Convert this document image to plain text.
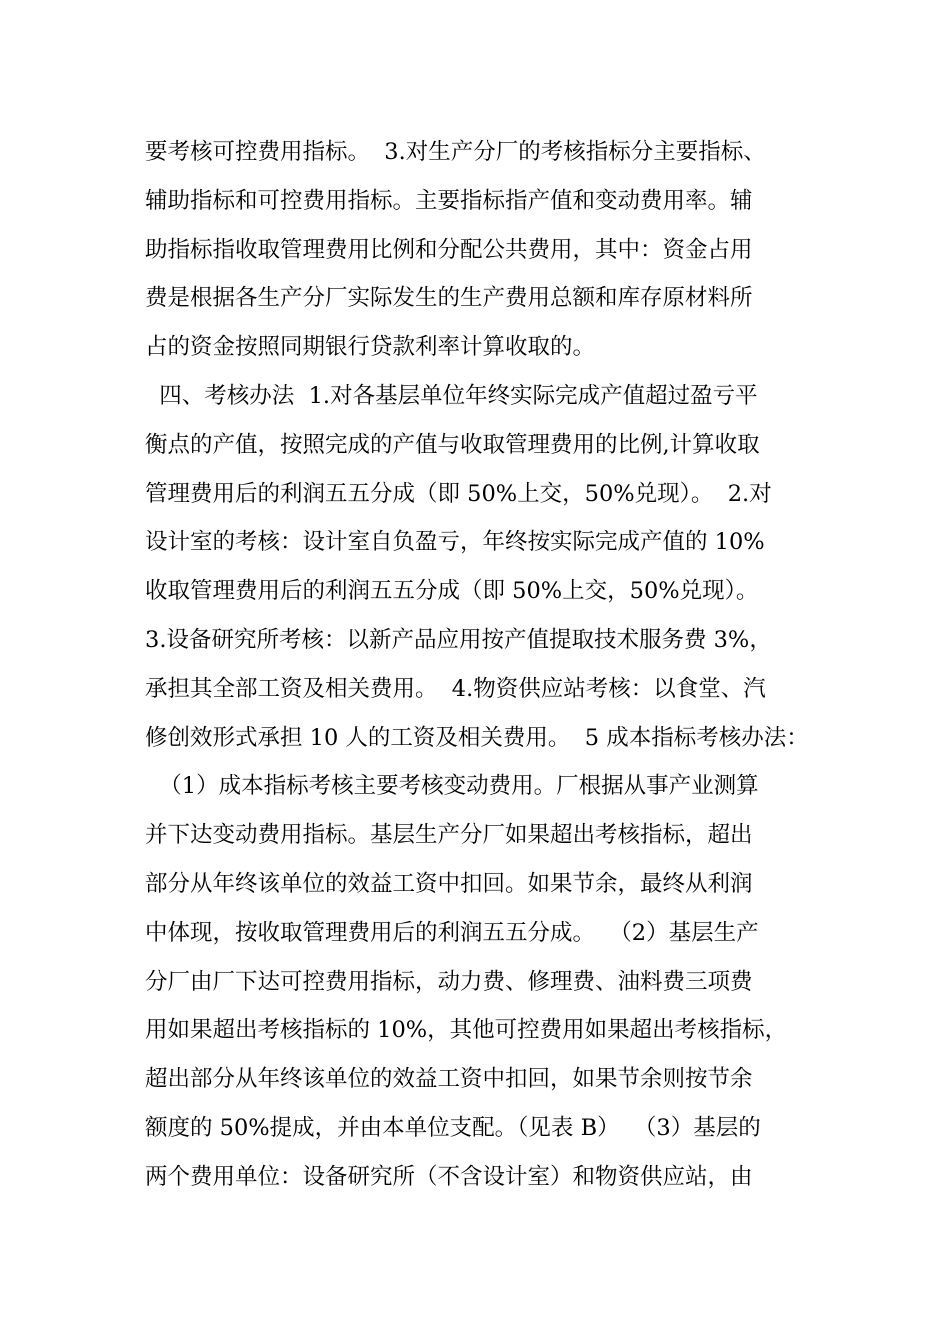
要考核可控费用指标。  3.对生产分厂的考核指标分主要指标、
辅助指标和可控费用指标。主要指标指产值和变动费用率。辅
助指标指收取管理费用比例和分配公共费用，其中：资金占用
费是根据各生产分厂实际发生的生产费用总额和库存原材料所
占的资金按照同期银行贷款利率计算收取的。
四、考核办法  1.对各基层单位年终实际完成产值超过盈亏平
衡点的产值，按照完成的产值与收取管理费用的比例,计算收取
管理费用后的利润五五分成（即 50%上交，50%兑现）。  2.对
设计室的考核：设计室自负盈亏，年终按实际完成产值的 10%
收取管理费用后的利润五五分成（即 50%上交，50%兑现）。
3.设备研究所考核：以新产品应用按产值提取技术服务费 3%，
承担其全部工资及相关费用。  4.物资供应站考核：以食堂、汽
修创效形式承担 10 人的工资及相关费用。  5 成本指标考核办法：
（1）成本指标考核主要考核变动费用。厂根据从事产业测算
并下达变动费用指标。基层生产分厂如果超出考核指标，超出
部分从年终该单位的效益工资中扣回。如果节余，最终从利润
中体现，按收取管理费用后的利润五五分成。  （2）基层生产
分厂由厂下达可控费用指标，动力费、修理费、油料费三项费
用如果超出考核指标的 10%，其他可控费用如果超出考核指标，
超出部分从年终该单位的效益工资中扣回，如果节余则按节余
额度的 50%提成，并由本单位支配。（见表 B）  （3）基层的
两个费用单位：设备研究所（不含设计室）和物资供应站，由
